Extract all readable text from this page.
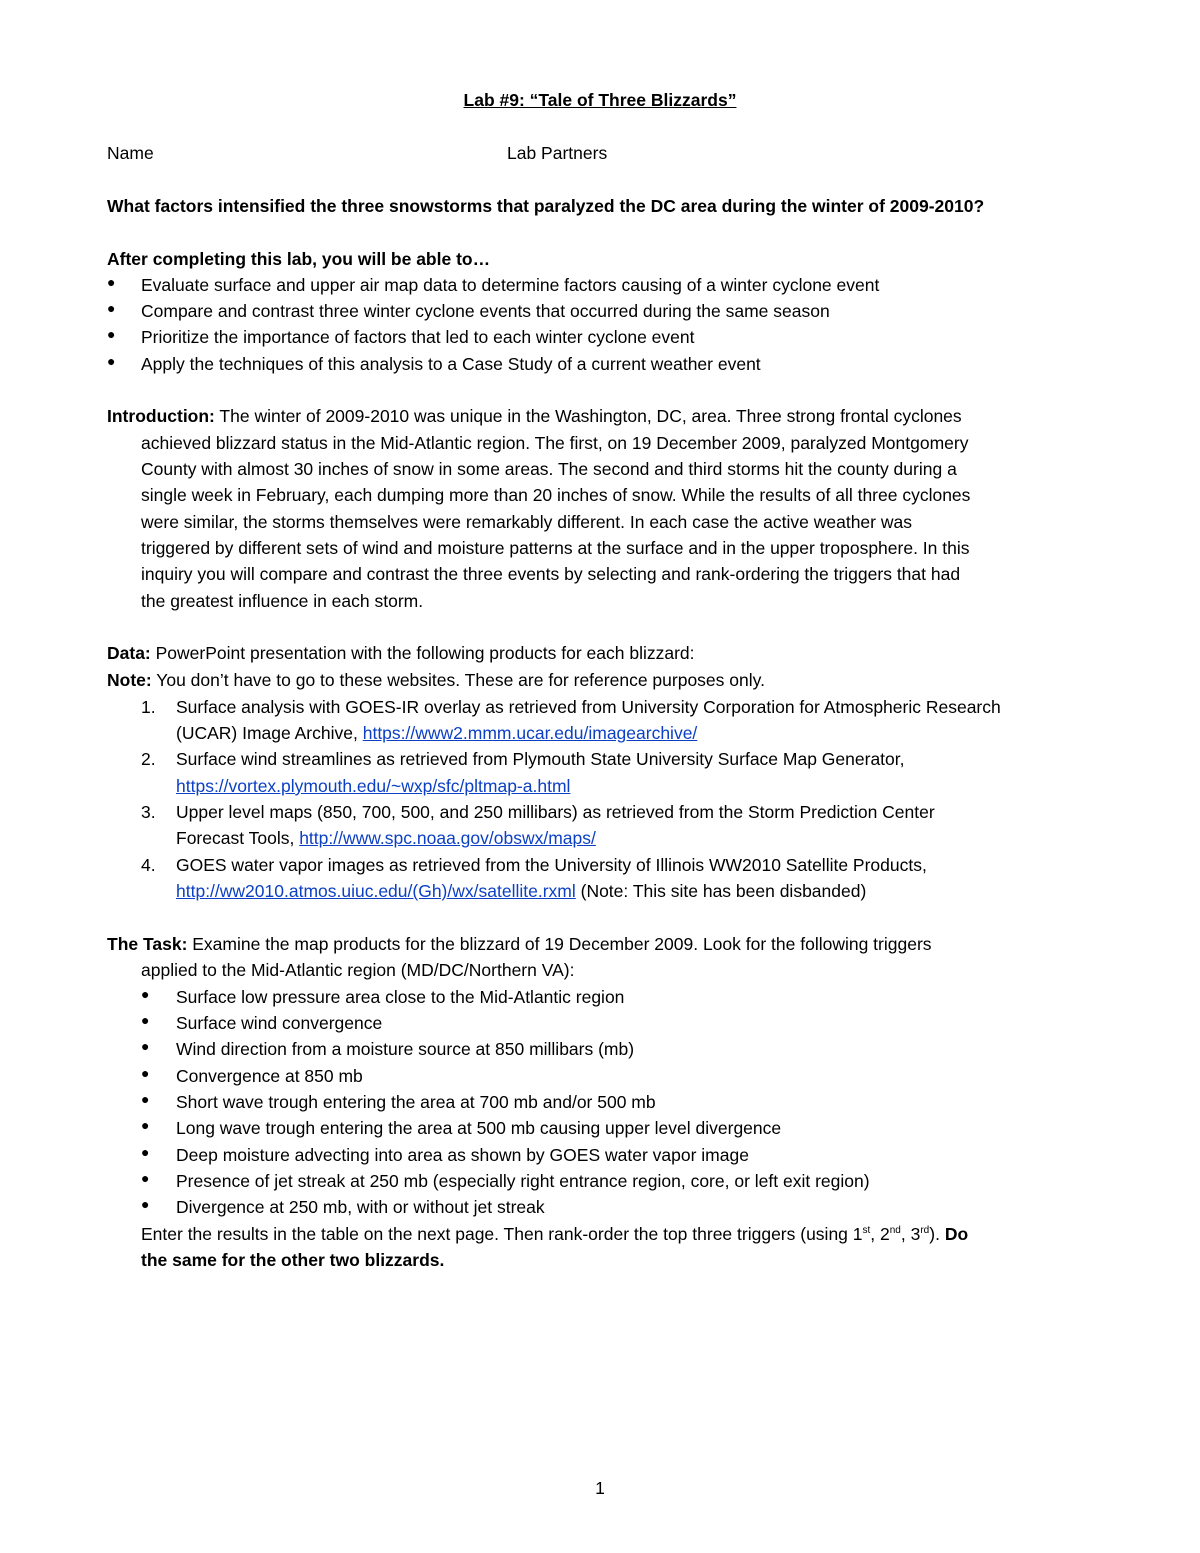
Lab #9: “Tale of Three Blizzards”
Name	Lab Partners
What factors intensified the three snowstorms that paralyzed the DC area during the winter of 2009-2010?
After completing this lab, you will be able to…
● Evaluate surface and upper air map data to determine factors causing of a winter cyclone event
● Compare and contrast three winter cyclone events that occurred during the same season
● Prioritize the importance of factors that led to each winter cyclone event
● Apply the techniques of this analysis to a Case Study of a current weather event
Introduction: The winter of 2009-2010 was unique in the Washington, DC, area. Three strong frontal cyclones
achieved blizzard status in the Mid-Atlantic region. The first, on 19 December 2009, paralyzed Montgomery
County with almost 30 inches of snow in some areas. The second and third storms hit the county during a
single week in February, each dumping more than 20 inches of snow. While the results of all three cyclones
were similar, the storms themselves were remarkably different. In each case the active weather was
triggered by different sets of wind and moisture patterns at the surface and in the upper troposphere. In this
inquiry you will compare and contrast the three events by selecting and rank-ordering the triggers that had
the greatest influence in each storm.
Data: PowerPoint presentation with the following products for each blizzard:
Note: You don’t have to go to these websites. These are for reference purposes only.
1. Surface analysis with GOES-IR overlay as retrieved from University Corporation for Atmospheric Research
(UCAR) Image Archive, https://www2.mmm.ucar.edu/imagearchive/
2. Surface wind streamlines as retrieved from Plymouth State University Surface Map Generator,
https://vortex.plymouth.edu/~wxp/sfc/pltmap-a.html
3. Upper level maps (850, 700, 500, and 250 millibars) as retrieved from the Storm Prediction Center
Forecast Tools, http://www.spc.noaa.gov/obswx/maps/
4. GOES water vapor images as retrieved from the University of Illinois WW2010 Satellite Products,
http://ww2010.atmos.uiuc.edu/(Gh)/wx/satellite.rxml (Note: This site has been disbanded)
The Task: Examine the map products for the blizzard of 19 December 2009. Look for the following triggers
applied to the Mid-Atlantic region (MD/DC/Northern VA):
● Surface low pressure area close to the Mid-Atlantic region
● Surface wind convergence
● Wind direction from a moisture source at 850 millibars (mb)
● Convergence at 850 mb
● Short wave trough entering the area at 700 mb and/or 500 mb
● Long wave trough entering the area at 500 mb causing upper level divergence
● Deep moisture advecting into area as shown by GOES water vapor image
● Presence of jet streak at 250 mb (especially right entrance region, core, or left exit region)
● Divergence at 250 mb, with or without jet streak
Enter the results in the table on the next page. Then rank-order the top three triggers (using 1st, 2nd, 3rd). Do
the same for the other two blizzards.
1
